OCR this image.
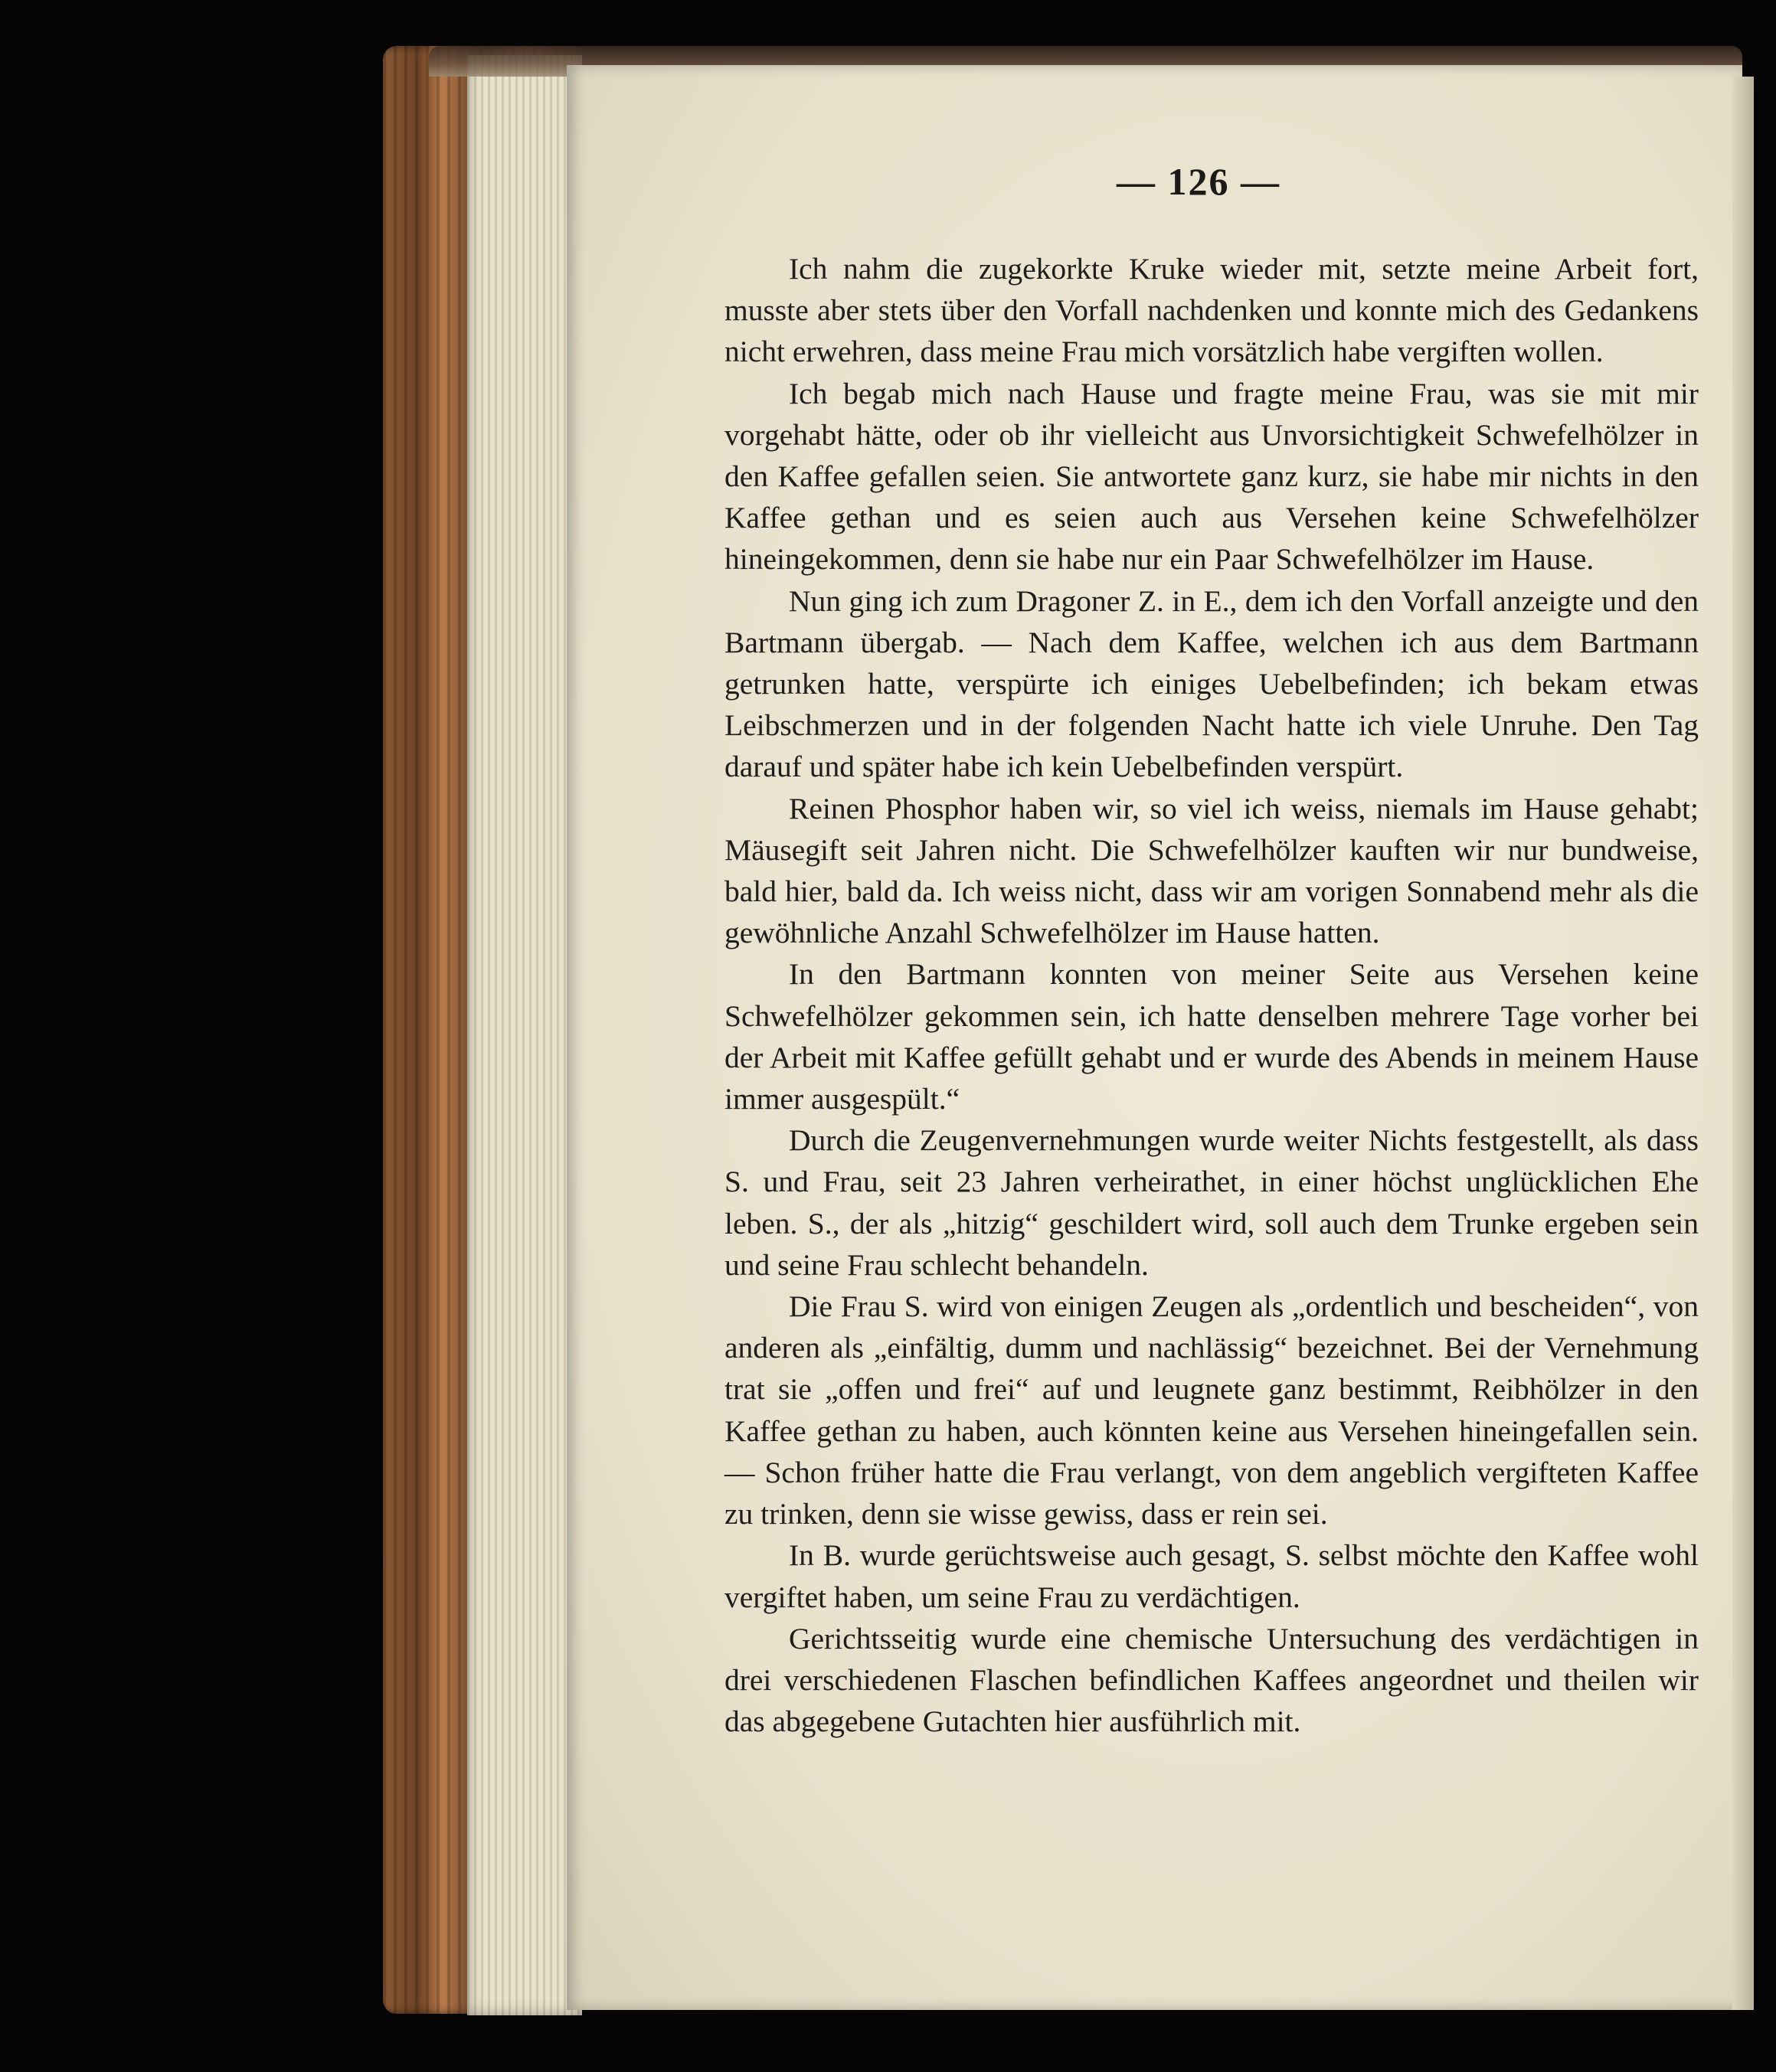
— 126 —

Ich nahm die zugekorkte Kruke wieder mit, setzte meine Arbeit fort, musste aber stets über den Vorfall nachdenken und konnte mich des Gedankens nicht erwehren, dass meine Frau mich vorsätzlich habe vergiften wollen.

Ich begab mich nach Hause und fragte meine Frau, was sie mit mir vorgehabt hätte, oder ob ihr vielleicht aus Unvorsichtigkeit Schwefelhölzer in den Kaffee gefallen seien. Sie antwortete ganz kurz, sie habe mir nichts in den Kaffee gethan und es seien auch aus Versehen keine Schwefelhölzer hineingekommen, denn sie habe nur ein Paar Schwefelhölzer im Hause.

Nun ging ich zum Dragoner Z. in E., dem ich den Vorfall anzeigte und den Bartmann übergab. — Nach dem Kaffee, welchen ich aus dem Bartmann getrunken hatte, verspürte ich einiges Uebelbefinden; ich bekam etwas Leibschmerzen und in der folgenden Nacht hatte ich viele Unruhe. Den Tag darauf und später habe ich kein Uebelbefinden verspürt.

Reinen Phosphor haben wir, so viel ich weiss, niemals im Hause gehabt; Mäusegift seit Jahren nicht. Die Schwefelhölzer kauften wir nur bundweise, bald hier, bald da. Ich weiss nicht, dass wir am vorigen Sonnabend mehr als die gewöhnliche Anzahl Schwefelhölzer im Hause hatten.

In den Bartmann konnten von meiner Seite aus Versehen keine Schwefelhölzer gekommen sein, ich hatte denselben mehrere Tage vorher bei der Arbeit mit Kaffee gefüllt gehabt und er wurde des Abends in meinem Hause immer ausgespült.“

Durch die Zeugenvernehmungen wurde weiter Nichts festgestellt, als dass S. und Frau, seit 23 Jahren verheirathet, in einer höchst unglücklichen Ehe leben. S., der als „hitzig“ geschildert wird, soll auch dem Trunke ergeben sein und seine Frau schlecht behandeln.

Die Frau S. wird von einigen Zeugen als „ordentlich und bescheiden“, von anderen als „einfältig, dumm und nachlässig“ bezeichnet. Bei der Vernehmung trat sie „offen und frei“ auf und leugnete ganz bestimmt, Reibhölzer in den Kaffee gethan zu haben, auch könnten keine aus Versehen hineingefallen sein. — Schon früher hatte die Frau verlangt, von dem angeblich vergifteten Kaffee zu trinken, denn sie wisse gewiss, dass er rein sei.

In B. wurde gerüchtsweise auch gesagt, S. selbst möchte den Kaffee wohl vergiftet haben, um seine Frau zu verdächtigen.

Gerichtsseitig wurde eine chemische Untersuchung des verdächtigen in drei verschiedenen Flaschen befindlichen Kaffees angeordnet und theilen wir das abgegebene Gutachten hier ausführlich mit.
